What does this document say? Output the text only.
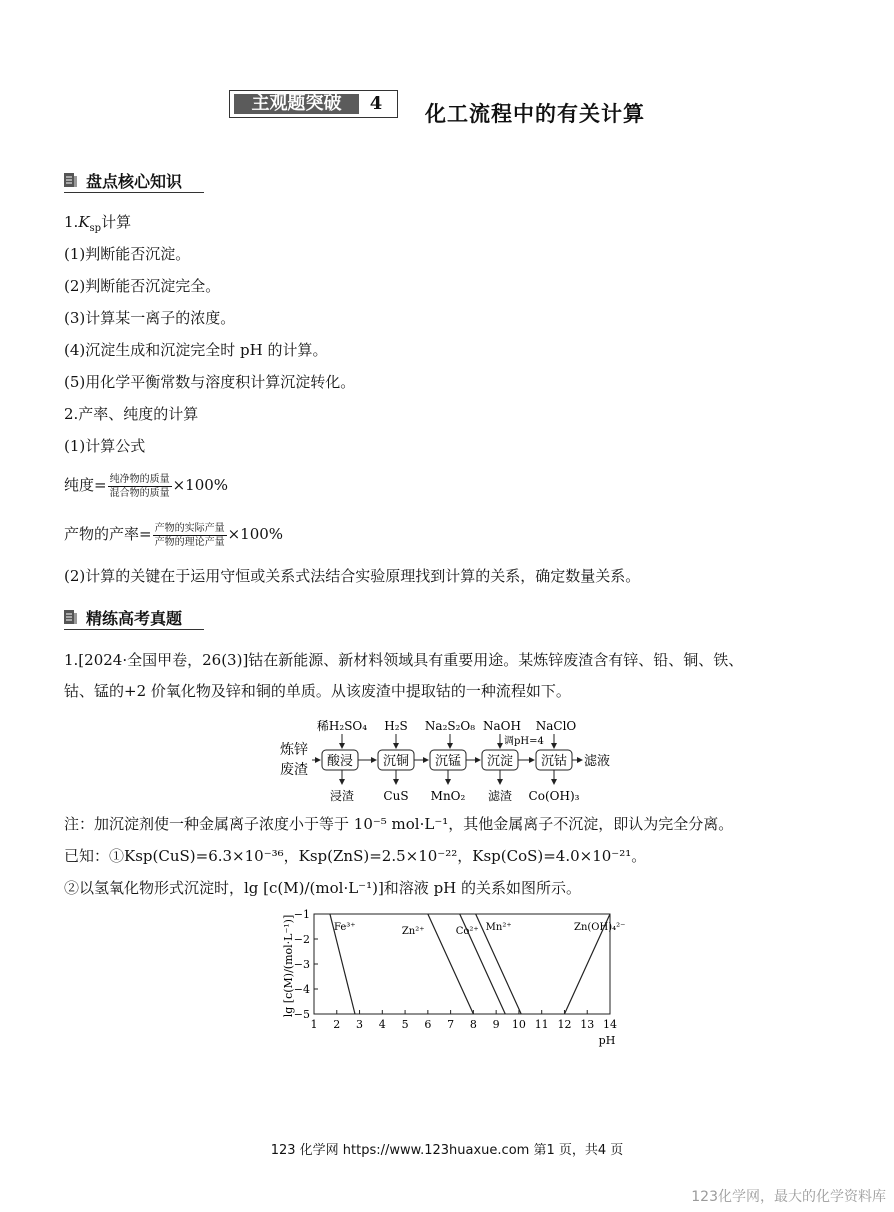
主观题突破	4	化工流程中的有关计算
盘点核心知识
$1.K_{sp}$计算
(1)判断能否沉淀。
(2)判断能否沉淀完全。
(3)计算某一离子的浓度。
(4)沉淀生成和沉淀完全时 pH 的计算。
(5)用化学平衡常数与溶度积计算沉淀转化。
2.产率、纯度的计算
(1)计算公式
纯度= $\frac{\text{纯净物的质量}}{\text{混合物的质量}} \times 100\%$
产物的产率= $\frac{\text{产物的实际产量}}{\text{产物的理论产量}} \times 100\%$
(2)计算的关键在于运用守恒或关系式法结合实验原理找到计算的关系，确定数量关系。
精练高考真题
1.[2024·全国甲卷，26(3)]钴在新能源、新材料领域具有重要用途。某炼锌废渣含有锌、铅、铜、铁、
钴、锰的+2 价氧化物及锌和铜的单质。从该废渣中提取钴的一种流程如下。
炼锌
废渣
酸浸 沉铜 沉锰 沉淀 沉钴 滤液
稀H₂SO₄ H₂S Na₂S₂O₈ NaOH
调pH=4
NaClO
浸渣 CuS MnO₂ 滤渣 Co(OH)₃
注：加沉淀剂使一种金属离子浓度小于等于 10⁻⁵ mol·L⁻¹，其他金属离子不沉淀，即认为完全分离。
已知：①Ksp(CuS)=6.3×10⁻³⁶，Ksp(ZnS)=2.5×10⁻²²，Ksp(CoS)=4.0×10⁻²¹。
②以氢氧化物形式沉淀时，lg [c(M)/(mol·L⁻¹)]和溶液 pH 的关系如图所示。
1 2 3 4 5 6 7 8 9 10 11 12 13 14
−1
−2
−3
−4
−5
Fe³⁺	Zn²⁺	Co²⁺ Mn²⁺	Zn(OH)₄²⁻
lg [c(M)/(mol·L⁻¹)]
pH
123 化学网 https://www.123huaxue.com 第1 页，共4 页
123化学网，最大的化学资料库
